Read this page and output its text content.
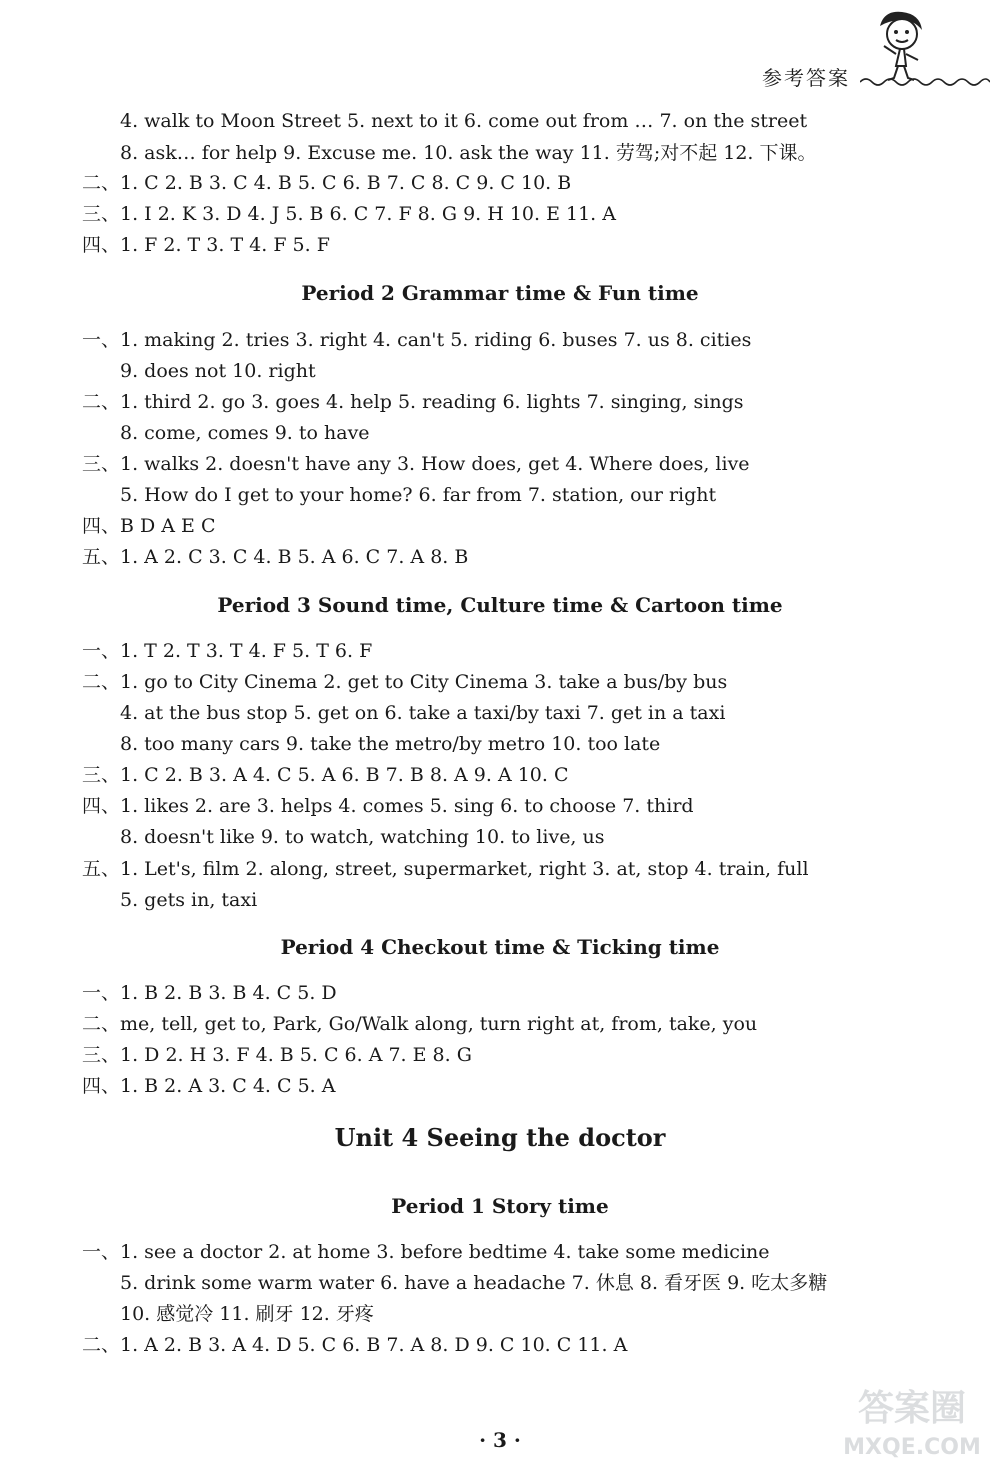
参考答案
4. walk to Moon Street 5. next to it 6. come out from … 7. on the street
8. ask… for help 9. Excuse me. 10. ask the way 11. 劳驾;对不起 12. 下课。
二、1. C 2. B 3. C 4. B 5. C 6. B 7. C 8. C 9. C 10. B
三、1. I 2. K 3. D 4. J 5. B 6. C 7. F 8. G 9. H 10. E 11. A
四、1. F 2. T 3. T 4. F 5. F
Period 2 Grammar time & Fun time
一、1. making 2. tries 3. right 4. can't 5. riding 6. buses 7. us 8. cities
9. does not 10. right
二、1. third 2. go 3. goes 4. help 5. reading 6. lights 7. singing, sings
8. come, comes 9. to have
三、1. walks 2. doesn't have any 3. How does, get 4. Where does, live
5. How do I get to your home? 6. far from 7. station, our right
四、B D A E C
五、1. A 2. C 3. C 4. B 5. A 6. C 7. A 8. B
Period 3 Sound time, Culture time & Cartoon time
一、1. T 2. T 3. T 4. F 5. T 6. F
二、1. go to City Cinema 2. get to City Cinema 3. take a bus/by bus
4. at the bus stop 5. get on 6. take a taxi/by taxi 7. get in a taxi
8. too many cars 9. take the metro/by metro 10. too late
三、1. C 2. B 3. A 4. C 5. A 6. B 7. B 8. A 9. A 10. C
四、1. likes 2. are 3. helps 4. comes 5. sing 6. to choose 7. third
8. doesn't like 9. to watch, watching 10. to live, us
五、1. Let's, film 2. along, street, supermarket, right 3. at, stop 4. train, full
5. gets in, taxi
Period 4 Checkout time & Ticking time
一、1. B 2. B 3. B 4. C 5. D
二、me, tell, get to, Park, Go/Walk along, turn right at, from, take, you
三、1. D 2. H 3. F 4. B 5. C 6. A 7. E 8. G
四、1. B 2. A 3. C 4. C 5. A
Unit 4 Seeing the doctor
Period 1 Story time
一、1. see a doctor 2. at home 3. before bedtime 4. take some medicine
5. drink some warm water 6. have a headache 7. 休息 8. 看牙医 9. 吃太多糖
10. 感觉冷 11. 刷牙 12. 牙疼
二、1. A 2. B 3. A 4. D 5. C 6. B 7. A 8. D 9. C 10. C 11. A
· 3 ·
答案圈
MXQE.COM
